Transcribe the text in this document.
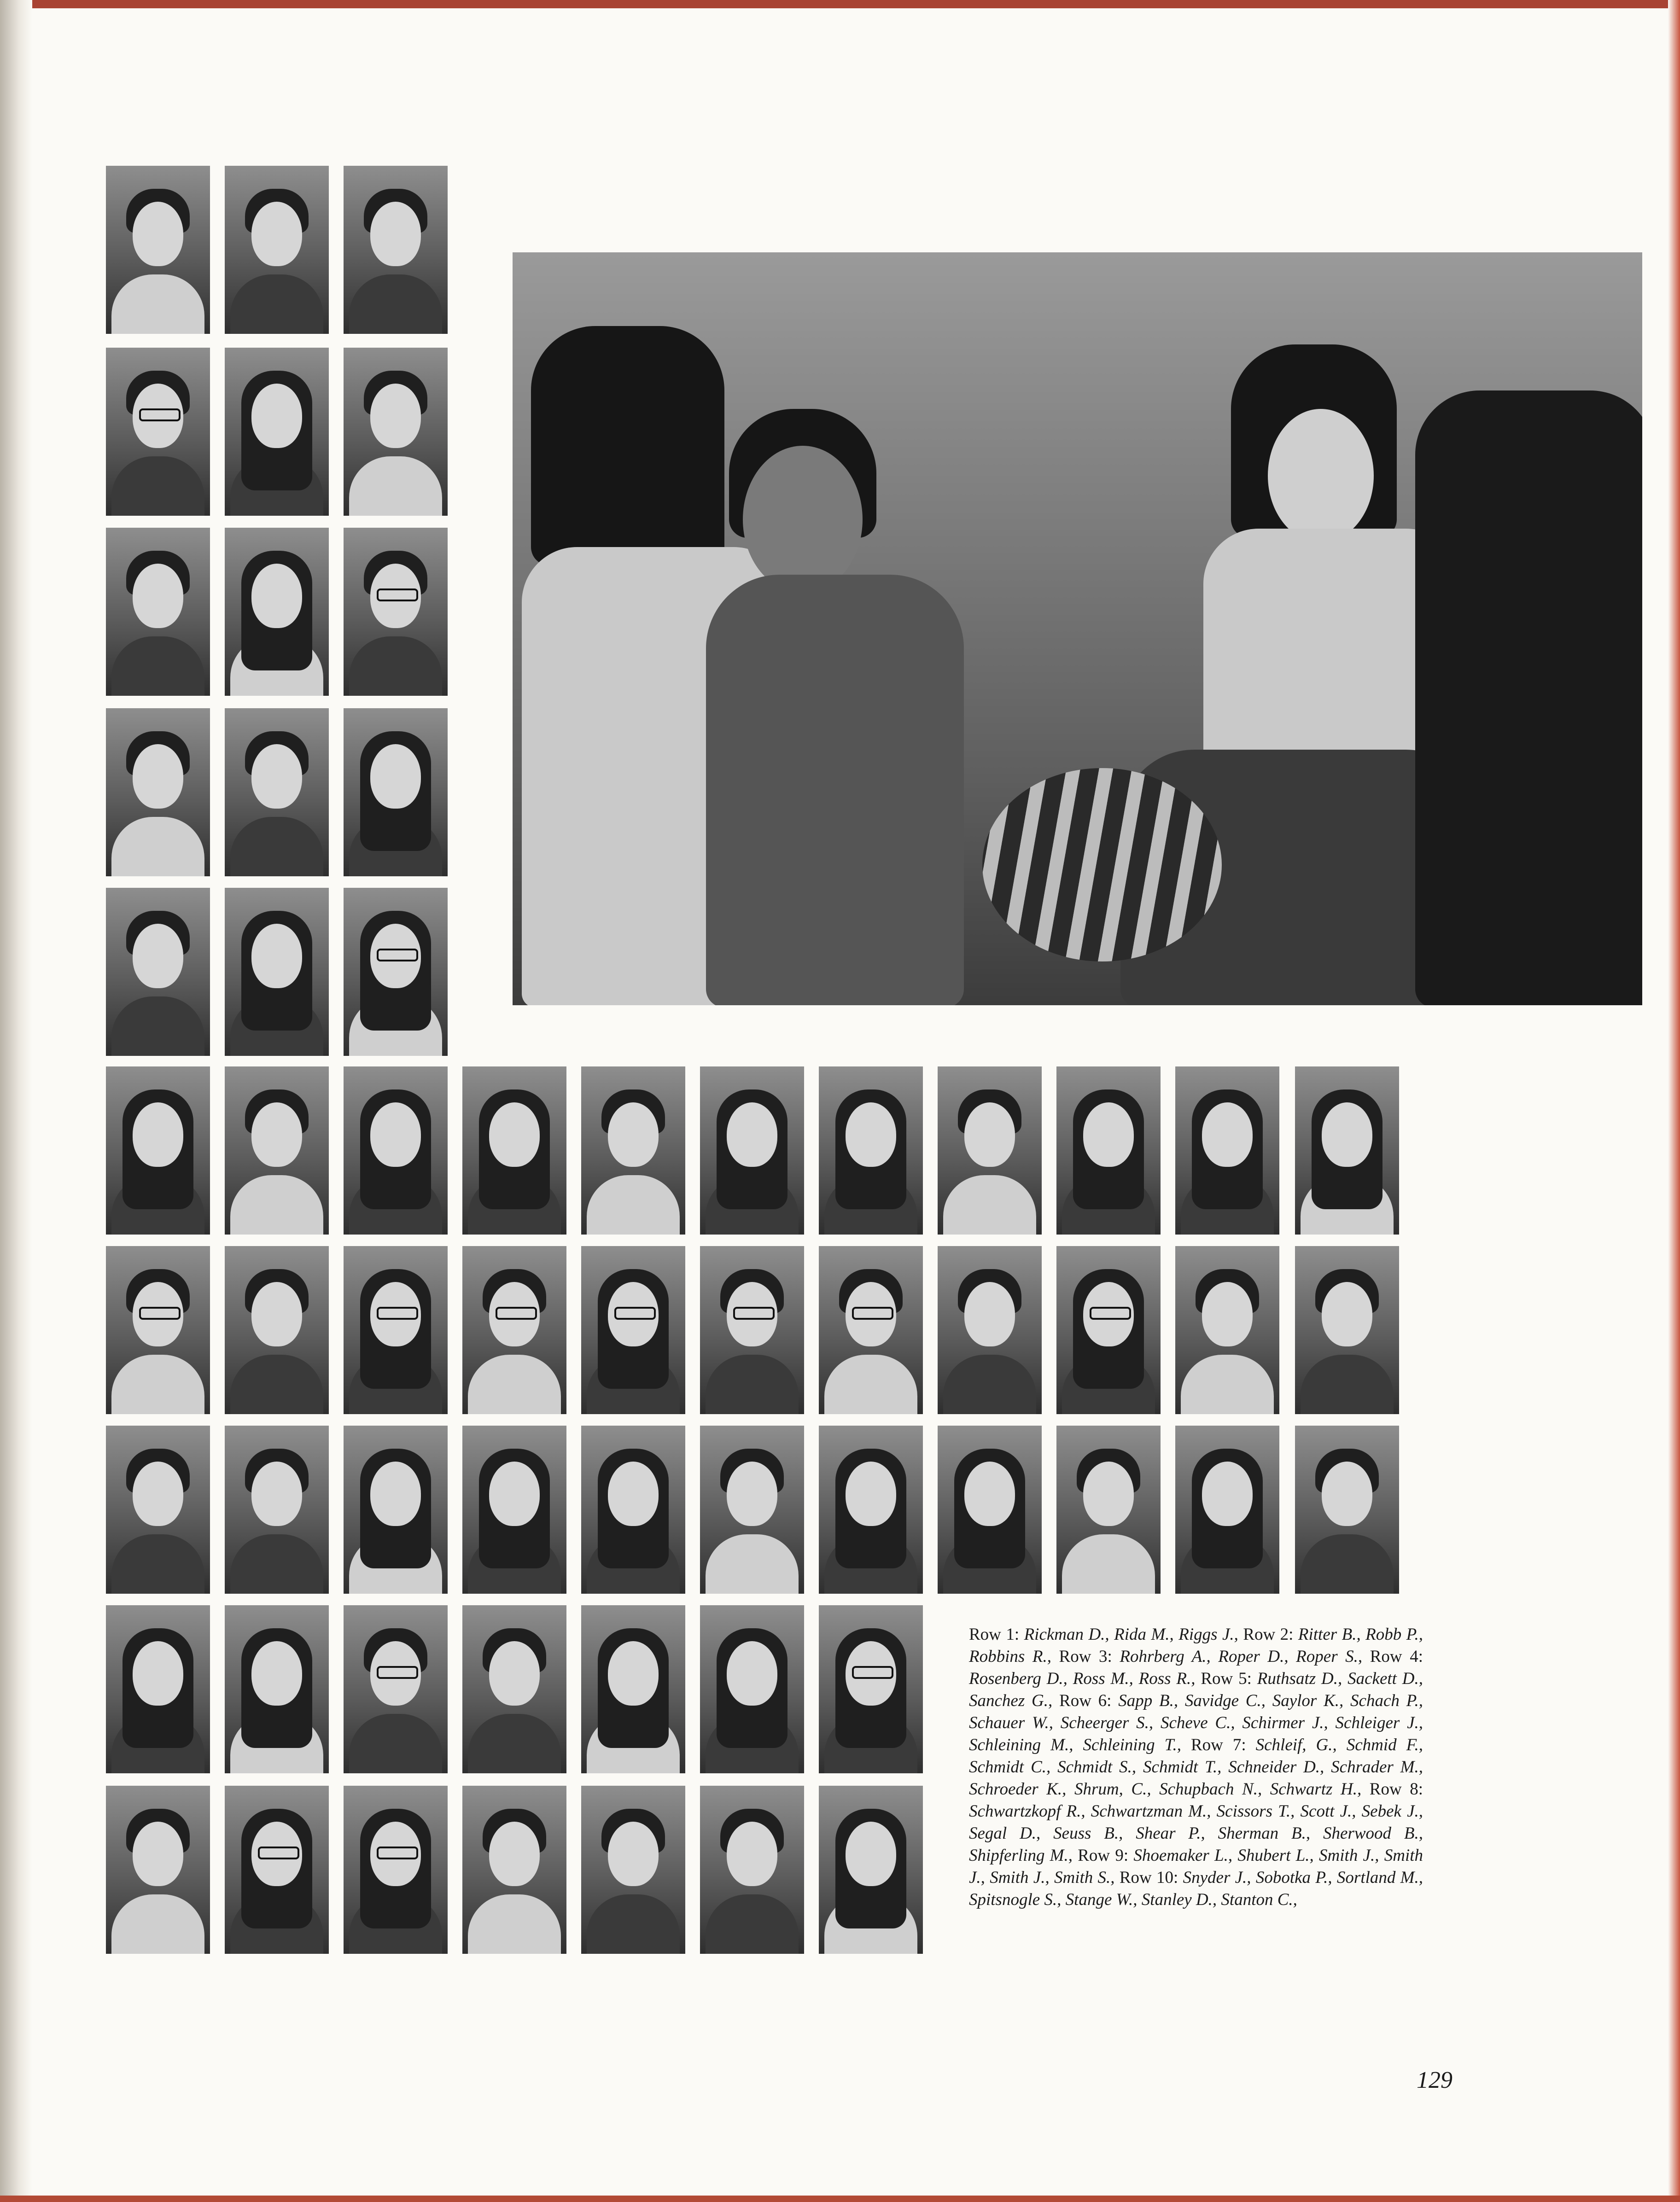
Row 1: Rickman D., Rida M., Riggs J., Row 2: Ritter B., Robb P., Robbins R., Row 3: Rohrberg A., Roper D., Roper S., Row 4: Rosenberg D., Ross M., Ross R., Row 5: Ruthsatz D., Sackett D., Sanchez G., Row 6: Sapp B., Savidge C., Saylor K., Schach P., Schauer W., Scheerger S., Scheve C., Schirmer J., Schleiger J., Schleining M., Schleining T., Row 7: Schleif, G., Schmid F., Schmidt C., Schmidt S., Schmidt T., Schneider D., Schrader M., Schroeder K., Shrum, C., Schupbach N., Schwartz H., Row 8: Schwartzkopf R., Schwartzman M., Scissors T., Scott J., Sebek J., Segal D., Seuss B., Shear P., Sherman B., Sherwood B., Shipferling M., Row 9: Shoemaker L., Shubert L., Smith J., Smith J., Smith J., Smith S., Row 10: Snyder J., Sobotka P., Sortland M., Spitsnogle S., Stange W., Stanley D., Stanton C.,
129
